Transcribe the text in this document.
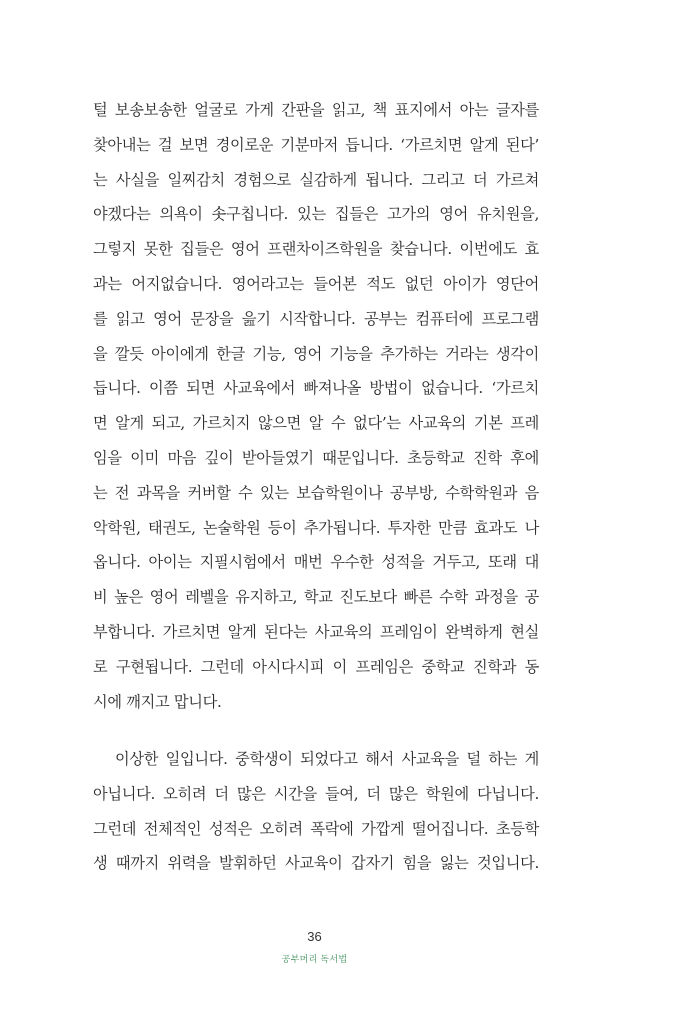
털 보송보송한 얼굴로 가게 간판을 읽고, 책 표지에서 아는 글자를
찾아내는 걸 보면 경이로운 기분마저 듭니다. ‘가르치면 알게 된다’
는 사실을 일찌감치 경험으로 실감하게 됩니다. 그리고 더 가르쳐
야겠다는 의욕이 솟구칩니다. 있는 집들은 고가의 영어 유치원을,
그렇지 못한 집들은 영어 프랜차이즈학원을 찾습니다. 이번에도 효
과는 어지없습니다. 영어라고는 들어본 적도 없던 아이가 영단어
를 읽고 영어 문장을 읊기 시작합니다. 공부는 컴퓨터에 프로그램
을 깔듯 아이에게 한글 기능, 영어 기능을 추가하는 거라는 생각이
듭니다. 이쯤 되면 사교육에서 빠져나올 방법이 없습니다. ‘가르치
면 알게 되고, 가르치지 않으면 알 수 없다’는 사교육의 기본 프레
임을 이미 마음 깊이 받아들였기 때문입니다. 초등학교 진학 후에
는 전 과목을 커버할 수 있는 보습학원이나 공부방, 수학학원과 음
악학원, 태권도, 논술학원 등이 추가됩니다. 투자한 만큼 효과도 나
옵니다. 아이는 지필시험에서 매번 우수한 성적을 거두고, 또래 대
비 높은 영어 레벨을 유지하고, 학교 진도보다 빠른 수학 과정을 공
부합니다. 가르치면 알게 된다는 사교육의 프레임이 완벽하게 현실
로 구현됩니다. 그런데 아시다시피 이 프레임은 중학교 진학과 동
시에 깨지고 맙니다.
이상한 일입니다. 중학생이 되었다고 해서 사교육을 덜 하는 게
아닙니다. 오히려 더 많은 시간을 들여, 더 많은 학원에 다닙니다.
그런데 전체적인 성적은 오히려 폭락에 가깝게 떨어집니다. 초등학
생 때까지 위력을 발휘하던 사교육이 갑자기 힘을 잃는 것입니다.
36
공부머리 독서법
